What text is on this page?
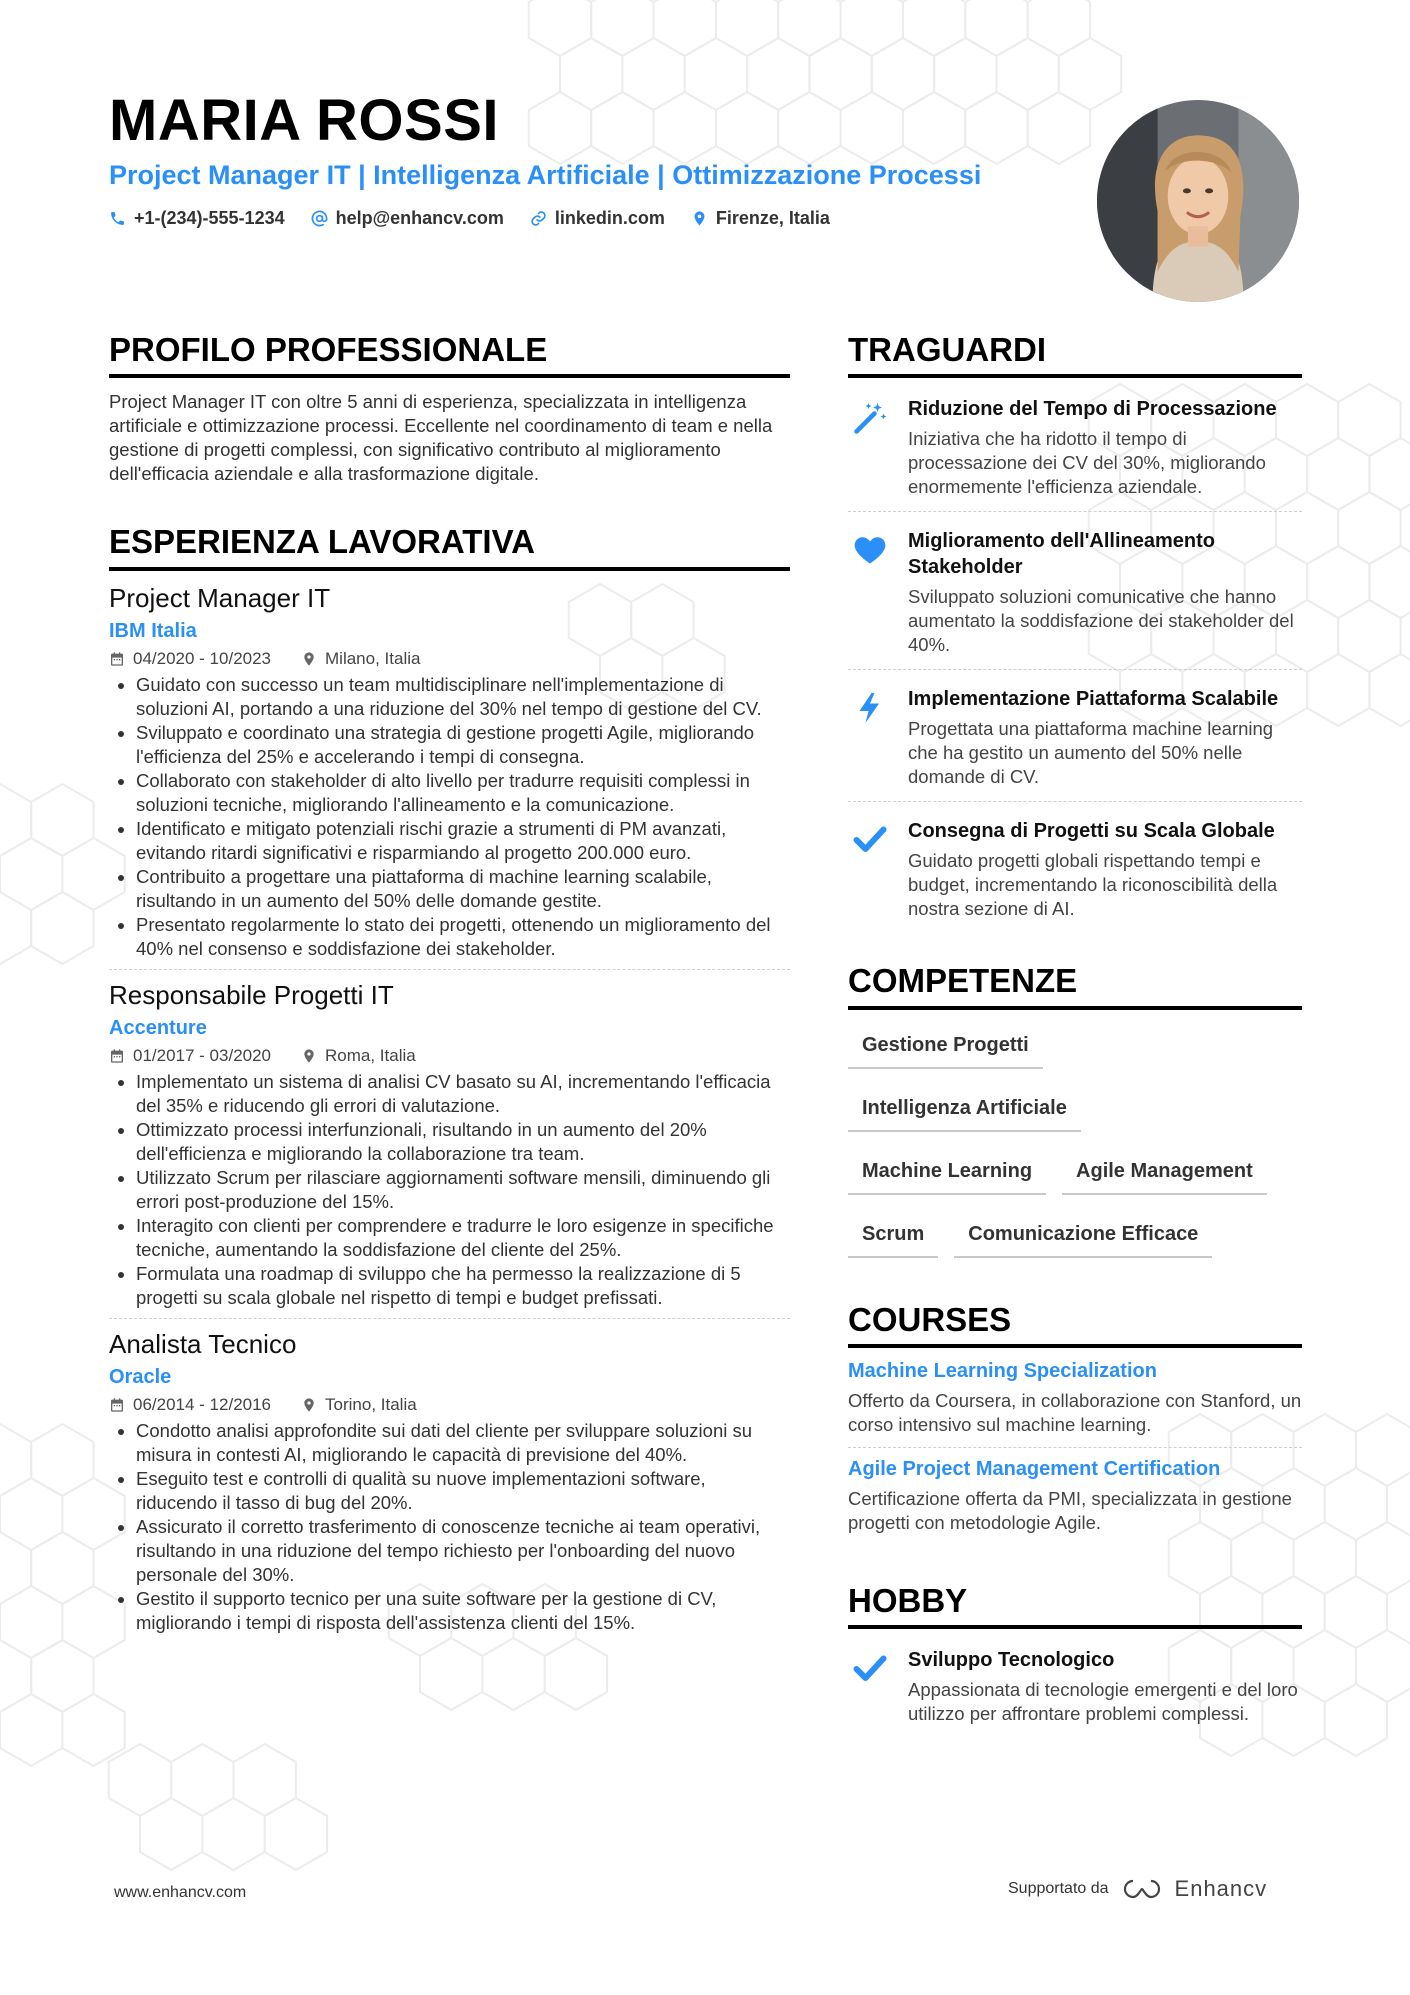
MARIA ROSSI
Project Manager IT | Intelligenza Artificiale | Ottimizzazione Processi
+1-(234)-555-1234	help@enhancv.com	linkedin.com	Firenze, Italia
PROFILO PROFESSIONALE

Project Manager IT con oltre 5 anni di esperienza, specializzata in intelligenza artificiale e ottimizzazione processi. Eccellente nel coordinamento di team e nella gestione di progetti complessi, con significativo contributo al miglioramento dell'efficacia aziendale e alla trasformazione digitale.

ESPERIENZA LAVORATIVA
Project Manager IT
IBM Italia
04/2020 - 10/2023	Milano, Italia
• Guidato con successo un team multidisciplinare nell'implementazione di soluzioni AI, portando a una riduzione del 30% nel tempo di gestione del CV.
• Sviluppato e coordinato una strategia di gestione progetti Agile, migliorando l'efficienza del 25% e accelerando i tempi di consegna.
• Collaborato con stakeholder di alto livello per tradurre requisiti complessi in soluzioni tecniche, migliorando l'allineamento e la comunicazione.
• Identificato e mitigato potenziali rischi grazie a strumenti di PM avanzati, evitando ritardi significativi e risparmiando al progetto 200.000 euro.
• Contribuito a progettare una piattaforma di machine learning scalabile, risultando in un aumento del 50% delle domande gestite.
• Presentato regolarmente lo stato dei progetti, ottenendo un miglioramento del 40% nel consenso e soddisfazione dei stakeholder.
Responsabile Progetti IT
Accenture
01/2017 - 03/2020	Roma, Italia
• Implementato un sistema di analisi CV basato su AI, incrementando l'efficacia del 35% e riducendo gli errori di valutazione.
• Ottimizzato processi interfunzionali, risultando in un aumento del 20% dell'efficienza e migliorando la collaborazione tra team.
• Utilizzato Scrum per rilasciare aggiornamenti software mensili, diminuendo gli errori post-produzione del 15%.
• Interagito con clienti per comprendere e tradurre le loro esigenze in specifiche tecniche, aumentando la soddisfazione del cliente del 25%.
• Formulata una roadmap di sviluppo che ha permesso la realizzazione di 5 progetti su scala globale nel rispetto di tempi e budget prefissati.
Analista Tecnico
Oracle
06/2014 - 12/2016	Torino, Italia
• Condotto analisi approfondite sui dati del cliente per sviluppare soluzioni su misura in contesti AI, migliorando le capacità di previsione del 40%.
• Eseguito test e controlli di qualità su nuove implementazioni software, riducendo il tasso di bug del 20%.
• Assicurato il corretto trasferimento di conoscenze tecniche ai team operativi, risultando in una riduzione del tempo richiesto per l'onboarding del nuovo personale del 30%.
• Gestito il supporto tecnico per una suite software per la gestione di CV, migliorando i tempi di risposta dell'assistenza clienti del 15%.
TRAGUARDI
Riduzione del Tempo di Processazione
Iniziativa che ha ridotto il tempo di processazione dei CV del 30%, migliorando enormemente l'efficienza aziendale.
Miglioramento dell'Allineamento Stakeholder
Sviluppato soluzioni comunicative che hanno aumentato la soddisfazione dei stakeholder del 40%.
Implementazione Piattaforma Scalabile
Progettata una piattaforma machine learning che ha gestito un aumento del 50% nelle domande di CV.
Consegna di Progetti su Scala Globale
Guidato progetti globali rispettando tempi e budget, incrementando la riconoscibilità della nostra sezione di AI.
COMPETENZE
Gestione Progetti
Intelligenza Artificiale
Machine Learning	Agile Management
Scrum	Comunicazione Efficace
COURSES
Machine Learning Specialization
Offerto da Coursera, in collaborazione con Stanford, un corso intensivo sul machine learning.
Agile Project Management Certification
Certificazione offerta da PMI, specializzata in gestione progetti con metodologie Agile.
HOBBY
Sviluppo Tecnologico
Appassionata di tecnologie emergenti e del loro utilizzo per affrontare problemi complessi.
www.enhancv.com	Supportato da	Enhancv
